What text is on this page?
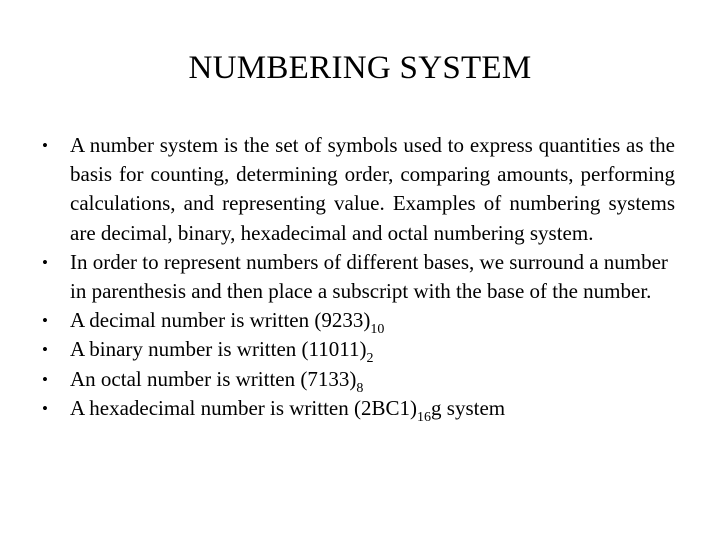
NUMBERING SYSTEM
•	A number system is the set of symbols used to express quantities as the basis for counting, determining order, comparing amounts, performing calculations, and representing value. Examples of numbering systems are decimal, binary, hexadecimal and octal numbering system.
•	In order to represent numbers of different bases, we surround a number in parenthesis and then place a subscript with the base of the number.
•	A decimal number is written $(9233)_{10}$
•	A binary number is written $(11011)_2$
•	An octal number is written $(7133)_8$
•	A hexadecimal number is written $(2BC1)_{16}g$ system
